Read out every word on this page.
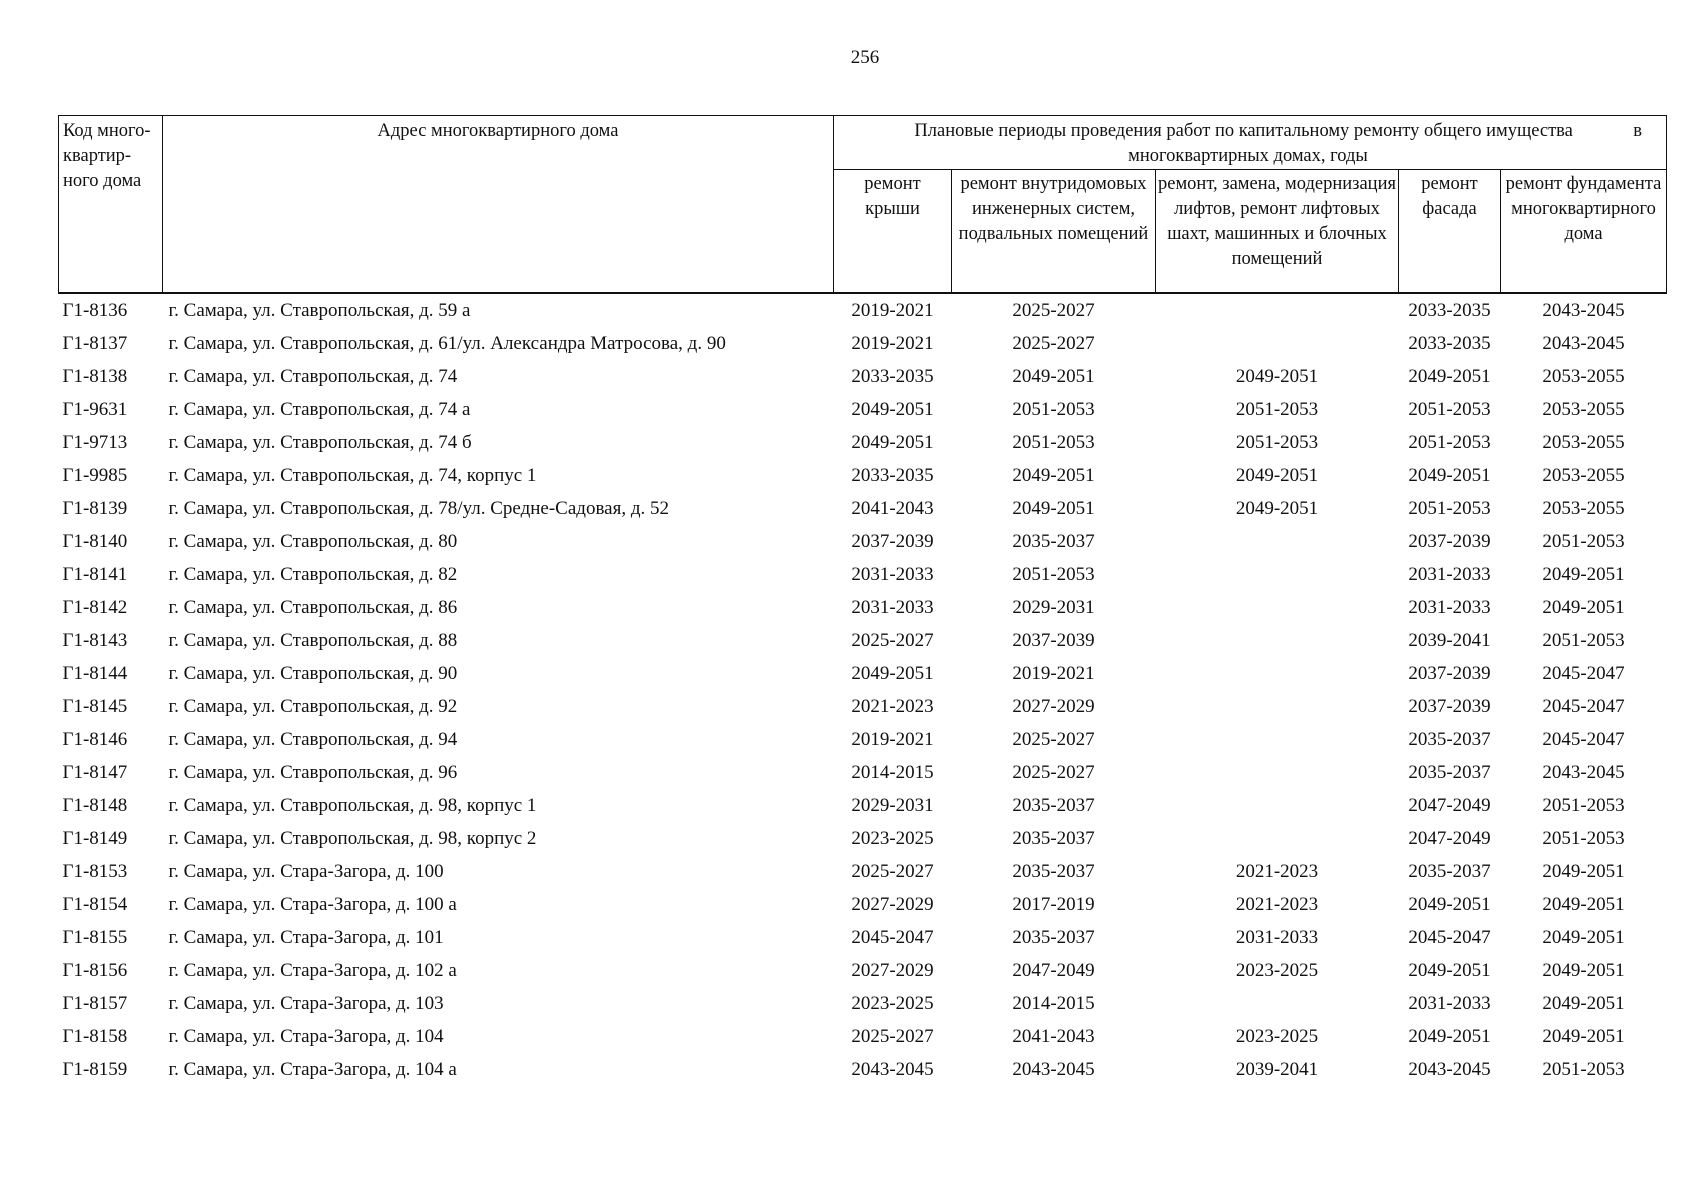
256
Код много-квартир-ного дома	Адрес многоквартирного дома	в
Плановые периоды проведения работ по капитальному ремонту общего имущества
многоквартирных домах, годы				
		ремонт крыши	ремонт внутридомовых инженерных систем, подвальных помещений	ремонт, замена, модернизация лифтов, ремонт лифтовых шахт, машинных и блочных помещений	ремонт фасада	ремонт фундамента многоквартирного дома
Г1-8136	г. Самара, ул. Ставропольская, д. 59 а	2019-2021	2025-2027		2033-2035	2043-2045
Г1-8137	г. Самара, ул. Ставропольская, д. 61/ул. Александра Матросова, д. 90	2019-2021	2025-2027		2033-2035	2043-2045
Г1-8138	г. Самара, ул. Ставропольская, д. 74	2033-2035	2049-2051	2049-2051	2049-2051	2053-2055
Г1-9631	г. Самара, ул. Ставропольская, д. 74 а	2049-2051	2051-2053	2051-2053	2051-2053	2053-2055
Г1-9713	г. Самара, ул. Ставропольская, д. 74 б	2049-2051	2051-2053	2051-2053	2051-2053	2053-2055
Г1-9985	г. Самара, ул. Ставропольская, д. 74, корпус 1	2033-2035	2049-2051	2049-2051	2049-2051	2053-2055
Г1-8139	г. Самара, ул. Ставропольская, д. 78/ул. Средне-Садовая, д. 52	2041-2043	2049-2051	2049-2051	2051-2053	2053-2055
Г1-8140	г. Самара, ул. Ставропольская, д. 80	2037-2039	2035-2037		2037-2039	2051-2053
Г1-8141	г. Самара, ул. Ставропольская, д. 82	2031-2033	2051-2053		2031-2033	2049-2051
Г1-8142	г. Самара, ул. Ставропольская, д. 86	2031-2033	2029-2031		2031-2033	2049-2051
Г1-8143	г. Самара, ул. Ставропольская, д. 88	2025-2027	2037-2039		2039-2041	2051-2053
Г1-8144	г. Самара, ул. Ставропольская, д. 90	2049-2051	2019-2021		2037-2039	2045-2047
Г1-8145	г. Самара, ул. Ставропольская, д. 92	2021-2023	2027-2029		2037-2039	2045-2047
Г1-8146	г. Самара, ул. Ставропольская, д. 94	2019-2021	2025-2027		2035-2037	2045-2047
Г1-8147	г. Самара, ул. Ставропольская, д. 96	2014-2015	2025-2027		2035-2037	2043-2045
Г1-8148	г. Самара, ул. Ставропольская, д. 98, корпус 1	2029-2031	2035-2037		2047-2049	2051-2053
Г1-8149	г. Самара, ул. Ставропольская, д. 98, корпус 2	2023-2025	2035-2037		2047-2049	2051-2053
Г1-8153	г. Самара, ул. Стара-Загора, д. 100	2025-2027	2035-2037	2021-2023	2035-2037	2049-2051
Г1-8154	г. Самара, ул. Стара-Загора, д. 100 а	2027-2029	2017-2019	2021-2023	2049-2051	2049-2051
Г1-8155	г. Самара, ул. Стара-Загора, д. 101	2045-2047	2035-2037	2031-2033	2045-2047	2049-2051
Г1-8156	г. Самара, ул. Стара-Загора, д. 102 а	2027-2029	2047-2049	2023-2025	2049-2051	2049-2051
Г1-8157	г. Самара, ул. Стара-Загора, д. 103	2023-2025	2014-2015		2031-2033	2049-2051
Г1-8158	г. Самара, ул. Стара-Загора, д. 104	2025-2027	2041-2043	2023-2025	2049-2051	2049-2051
Г1-8159	г. Самара, ул. Стара-Загора, д. 104 а	2043-2045	2043-2045	2039-2041	2043-2045	2051-2053
